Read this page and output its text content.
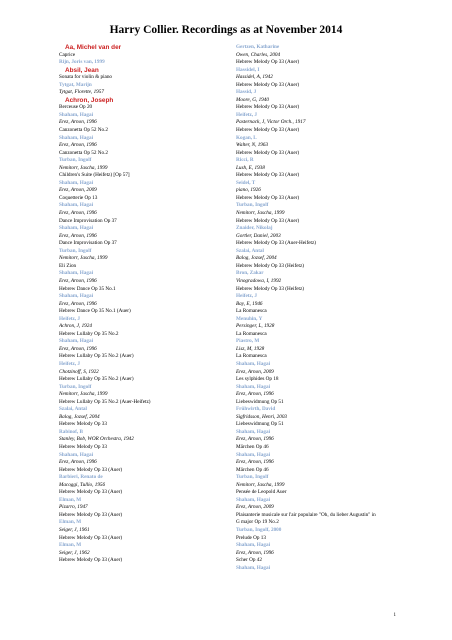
Harry Collier. Recordings as at November 2014
Aa, Michel van der
Caprice
Rijn, Joris van, 1999
Absil, Jean
Sonata for violin & piano
Tytgat, Marijn
Tytgat, Florette, 1957
Achron, Joseph
Berceuse Op 20
Shaham, Hagai
Erez, Arnon, 1996
Canzonetta Op 52 No.2
Shaham, Hagai
Erez, Arnon, 1996
Canzonetta Op 52 No.2
Turban, Ingolf
Nemitorr, Jascha, 1999
Children's Suite (Heifetz) [Op 57]
Shaham, Hagai
Erez, Arnon, 2009
Coquetterie Op 13
Shaham, Hagai
Erez, Arnon, 1996
Dance Improvisation Op 37
Shaham, Hagai
Erez, Arnon, 1996
Dance Improvisation Op 37
Turban, Ingolf
Nemitorr, Jascha, 1999
Eli Zion
Shaham, Hagai
Erez, Arnon, 1996
Hebrew Dance Op 35 No.1
Shaham, Hagai
Erez, Arnon, 1996
Hebrew Dance Op 35 No.1 (Auer)
Heifetz, J
Achron, J, 1924
Hebrew Lullaby Op 35 No.2
Shaham, Hagai
Erez, Arnon, 1996
Hebrew Lullaby Op 35 No.2 (Auer)
Heifetz, J
Chotzinoff, S, 1922
Hebrew Lullaby Op 35 No.2 (Auer)
Turban, Ingolf
Nemitorr, Jascha, 1999
Hebrew Lullaby Op 35 No.2 (Auer-Heifetz)
Szalai, Antal
Balog, Jozsef, 2004
Hebrew Melody Op 33
Rabinof, B
Stanley, Bob, WOR Orchestra, 1942
Hebrew Melody Op 33
Shaham, Hagai
Erez, Arnon, 1996
Hebrew Melody Op 33 (Auer)
Barbieri, Renato de
Macoggi, Tullio, 1956
Hebrew Melody Op 33 (Auer)
Elman, M
Pizarro, 1947
Hebrew Melody Op 33 (Auer)
Elman, M
Seiger, J, 1961
Hebrew Melody Op 33 (Auer)
Elman, M
Seiger, J, 1962
Hebrew Melody Op 33 (Auer)
Gertzen, Katharine
Owen, Charles, 2004
Hebrew Melody Op 33 (Auer)
Hassidel, I
Hassidel, A, 1942
Hebrew Melody Op 33 (Auer)
Hassid, J
Moore, G, 1940
Hebrew Melody Op 33 (Auer)
Heifetz, J
Pasternack, J, Victor Orch., 1917
Hebrew Melody Op 33 (Auer)
Kogan, L
Walter, N, 1963
Hebrew Melody Op 33 (Auer)
Ricci, R
Lush, E, 1938
Hebrew Melody Op 33 (Auer)
Seidel, T
piano, 1926
Hebrew Melody Op 33 (Auer)
Turban, Ingolf
Nemitorr, Jascha, 1999
Hebrew Melody Op 33 (Auer)
Znaider, Nikolaj
Gortler, Daniel, 2003
Hebrew Melody Op 33 (Auer-Heifetz)
Szalai, Antal
Balog, Jozsef, 2004
Hebrew Melody Op 33 (Heifetz)
Bron, Zakar
Vinogradowa, I, 1992
Hebrew Melody Op 33 (Heifetz)
Heifetz, J
Bay, E, 1946
La Romanesca
Menuhin, Y
Persinger, L, 1928
La Romanesca
Piastro, M
Lisz, M, 1928
La Romanesca
Shaham, Hagai
Erez, Arnon, 2009
Les sylphides Op 18
Shaham, Hagai
Erez, Arnon, 1996
Liebeswidmung Op 51
Frühwirth, David
Sigfridsson, Henri, 2003
Liebeswidmung Op 51
Shaham, Hagai
Erez, Arnon, 1996
Märchen Op 46
Shaham, Hagai
Erez, Arnon, 1996
Märchen Op 46
Turban, Ingolf
Nemitorr, Jascha, 1999
Pensée de Leopold Auer
Shaham, Hagai
Erez, Arnon, 2009
Plaisanterie musicale sur l'air populaire "Oh, du lieber Augustin" in
G major Op 19 No.2
Turban, Ingolf, 2000
Prelude Op 13
Shaham, Hagai
Erez, Arnon, 1996
Scher Op 42
Shaham, Hagai
1
